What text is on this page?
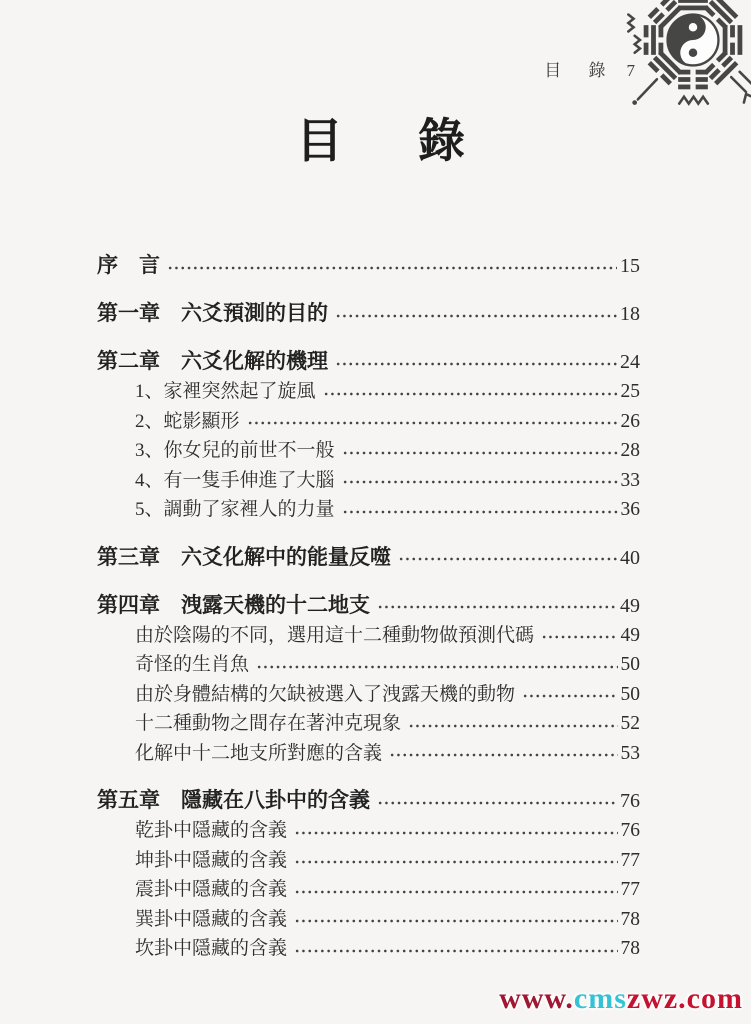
目 錄 7
目　錄
序　言	15
第一章　六爻預測的目的	18
第二章　六爻化解的機理	24
1、家裡突然起了旋風	25
2、蛇影顯形	26
3、你女兒的前世不一般	28
4、有一隻手伸進了大腦	33
5、調動了家裡人的力量	36
第三章　六爻化解中的能量反噬	40
第四章　洩露天機的十二地支	49
由於陰陽的不同，選用這十二種動物做預測代碼	49
奇怪的生肖魚	50
由於身體結構的欠缺被選入了洩露天機的動物	50
十二種動物之間存在著沖克現象	52
化解中十二地支所對應的含義	53
第五章　隱藏在八卦中的含義	76
乾卦中隱藏的含義	76
坤卦中隱藏的含義	77
震卦中隱藏的含義	77
巽卦中隱藏的含義	78
坎卦中隱藏的含義	78
www.cmszwz.com
